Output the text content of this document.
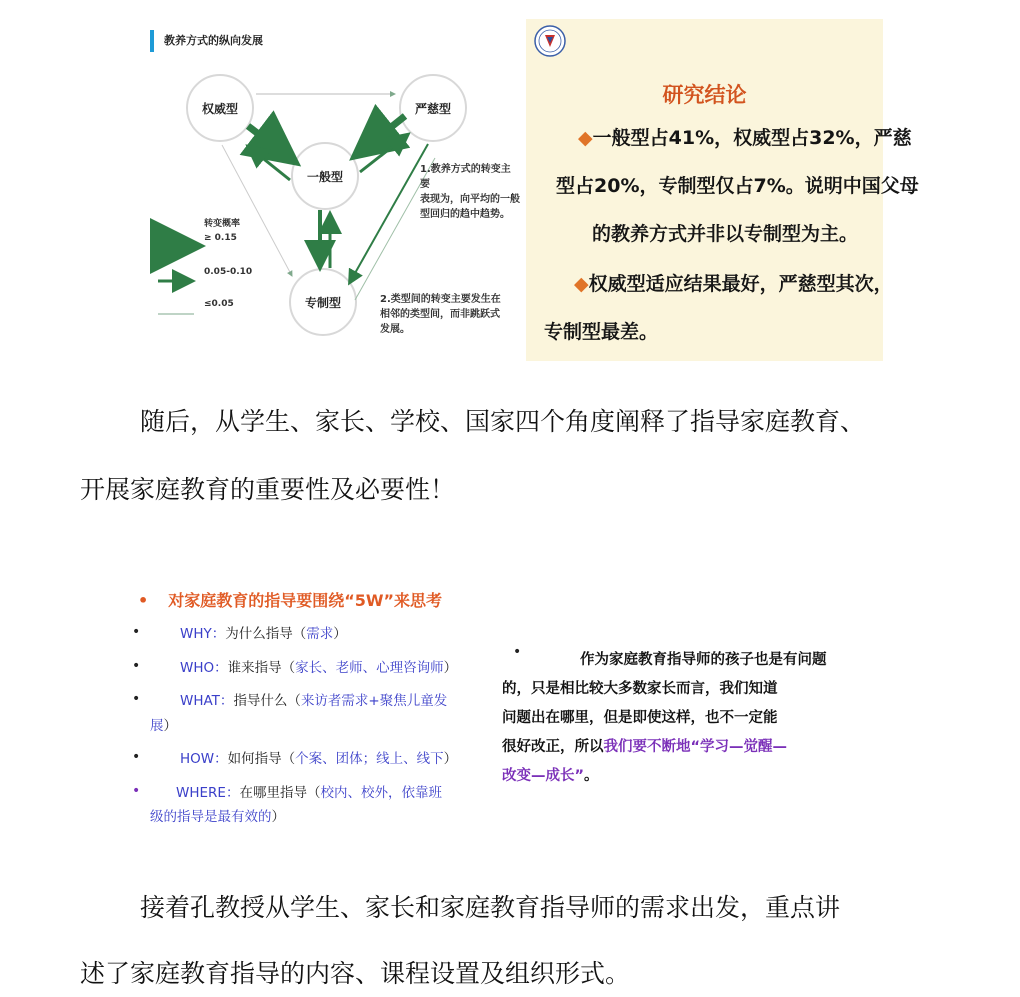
教养方式的纵向发展
权威型	严慈型
一般型
专制型
1.教养方式的转变主要
表现为，向平均的一般
型回归的趋中趋势。
2.类型间的转变主要发生在
相邻的类型间，而非跳跃式
发展。
转变概率
≥ 0.15
0.05-0.10
≤0.05
研究结论
◆一般型占41%，权威型占32%，严慈
型占20%，专制型仅占7%。说明中国父母
的教养方式并非以专制型为主。
◆权威型适应结果最好，严慈型其次，
专制型最差。
随后，从学生、家长、学校、国家四个角度阐释了指导家庭教育、
开展家庭教育的重要性及必要性！
• 对家庭教育的指导要围绕“5W”来思考
•	WHY：为什么指导（需求）
•	WHO：谁来指导（家长、老师、心理咨询师）
•	WHAT：指导什么（来访者需求+聚焦儿童发
展）
•	HOW：如何指导（个案、团体；线上、线下）
•	WHERE：在哪里指导（校内、校外，依靠班
级的指导是最有效的）
•	作为家庭教育指导师的孩子也是有问题
的，只是相比较大多数家长而言，我们知道
问题出在哪里，但是即使这样，也不一定能
很好改正，所以我们要不断地“学习—觉醒—
改变—成长”。
接着孔教授从学生、家长和家庭教育指导师的需求出发，重点讲
述了家庭教育指导的内容、课程设置及组织形式。
